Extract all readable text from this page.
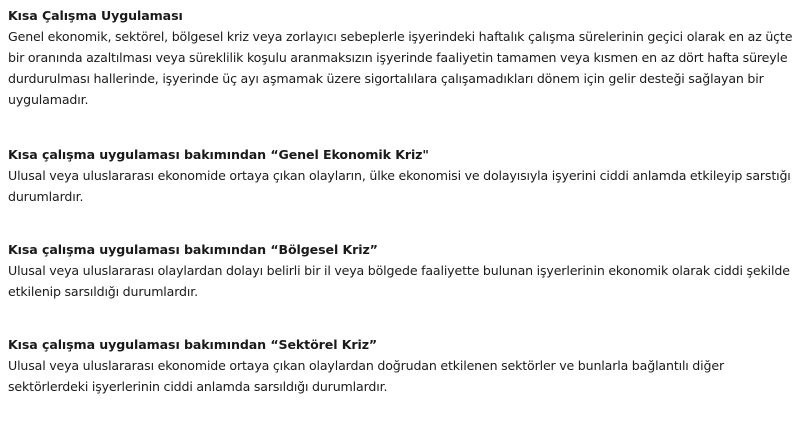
Kısa Çalışma Uygulaması
Genel ekonomik, sektörel, bölgesel kriz veya zorlayıcı sebeplerle işyerindeki haftalık çalışma sürelerinin geçici olarak en az üçte bir oranında azaltılması veya süreklilik koşulu aranmaksızın işyerinde faaliyetin tamamen veya kısmen en az dört hafta süreyle durdurulması hallerinde, işyerinde üç ayı aşmamak üzere sigortalılara çalışamadıkları dönem için gelir desteği sağlayan bir uygulamadır.
Kısa çalışma uygulaması bakımından “Genel Ekonomik Kriz"
Ulusal veya uluslararası ekonomide ortaya çıkan olayların, ülke ekonomisi ve dolayısıyla işyerini ciddi anlamda etkileyip sarstığı durumlardır.
Kısa çalışma uygulaması bakımından “Bölgesel Kriz”
Ulusal veya uluslararası olaylardan dolayı belirli bir il veya bölgede faaliyette bulunan işyerlerinin ekonomik olarak ciddi şekilde etkilenip sarsıldığı durumlardır.
Kısa çalışma uygulaması bakımından “Sektörel Kriz”
Ulusal veya uluslararası ekonomide ortaya çıkan olaylardan doğrudan etkilenen sektörler ve bunlarla bağlantılı diğer sektörlerdeki işyerlerinin ciddi anlamda sarsıldığı durumlardır.
